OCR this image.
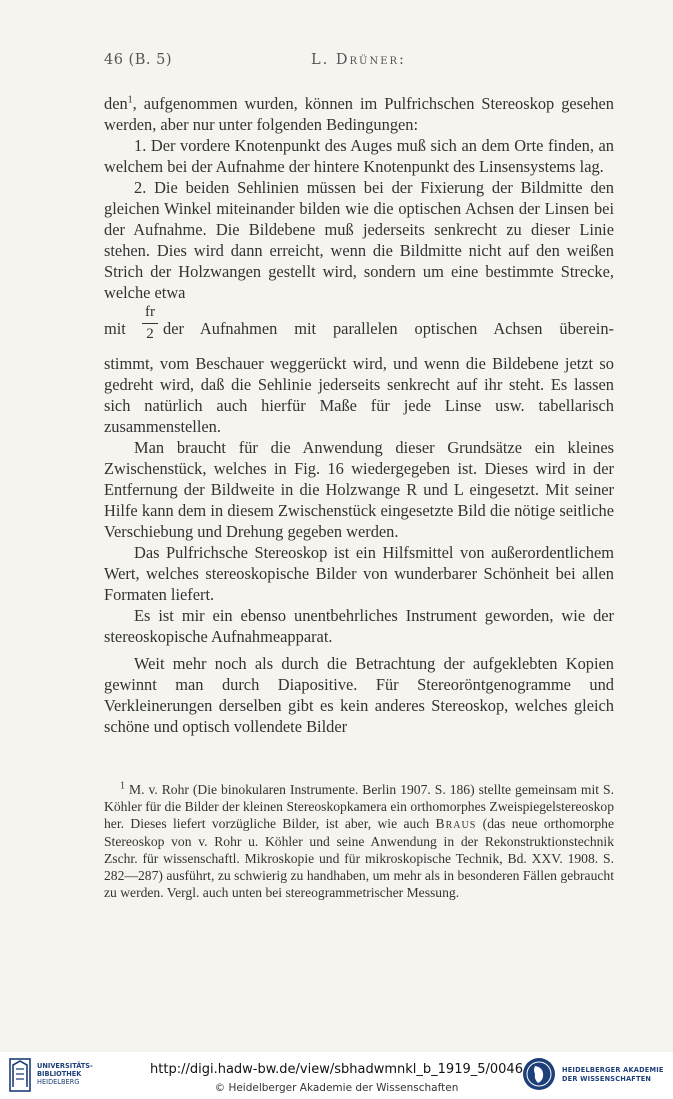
46 (B. 5)	L. Drüner:

den$^1$, aufgenommen wurden, können im Pulfrichschen Stereoskop gesehen werden, aber nur unter folgenden Bedingungen:

1. Der vordere Knotenpunkt des Auges muß sich an dem Orte finden, an welchem bei der Aufnahme der hintere Knotenpunkt des Linsensystems lag.

2. Die beiden Sehlinien müssen bei der Fixierung der Bildmitte den gleichen Winkel miteinander bilden wie die optischen Achsen der Linsen bei der Aufnahme. Die Bildebene muß jederseits senkrecht zu dieser Linie stehen. Dies wird dann erreicht, wenn die Bildmitte nicht auf den weißen Strich der Holzwangen gestellt wird, sondern um eine bestimmte Strecke, welche etwa

mit
fr
2 der Aufnahmen mit parallelen optischen Achsen überein-

stimmt, vom Beschauer weggerückt wird, und wenn die Bildebene jetzt so gedreht wird, daß die Sehlinie jederseits senkrecht auf ihr steht. Es lassen sich natürlich auch hierfür Maße für jede Linse usw. tabellarisch zusammenstellen.

Man braucht für die Anwendung dieser Grundsätze ein kleines Zwischenstück, welches in Fig. 16 wiedergegeben ist. Dieses wird in der Entfernung der Bildweite in die Holzwange R und L eingesetzt. Mit seiner Hilfe kann dem in diesem Zwischenstück eingesetzte Bild die nötige seitliche Verschiebung und Drehung gegeben werden.

Das Pulfrichsche Stereoskop ist ein Hilfsmittel von außerordentlichem Wert, welches stereoskopische Bilder von wunderbarer Schönheit bei allen Formaten liefert.

Es ist mir ein ebenso unentbehrliches Instrument geworden, wie der stereoskopische Aufnahmeapparat.

Weit mehr noch als durch die Betrachtung der aufgeklebten Kopien gewinnt man durch Diapositive. Für Stereoröntgenogramme und Verkleinerungen derselben gibt es kein anderes Stereoskop, welches gleich schöne und optisch vollendete Bilder

$^1$ M. v. Rohr (Die binokularen Instrumente. Berlin 1907. S. 186) stellte gemeinsam mit S. Köhler für die Bilder der kleinen Stereoskopkamera ein orthomorphes Zweispiegelstereoskop her. Dieses liefert vorzügliche Bilder, ist aber, wie auch Braus (das neue orthomorphe Stereoskop von v. Rohr u. Köhler und seine Anwendung in der Rekonstruktionstechnik Zschr. für wissenschaftl. Mikroskopie und für mikroskopische Technik, Bd. XXV. 1908. S. 282—287) ausführt, zu schwierig zu handhaben, um mehr als in besonderen Fällen gebraucht zu werden. Vergl. auch unten bei stereogrammetrischer Messung.

UNIVERSITÄTS-
BIBLIOTHEK
HEIDELBERG
http://digi.hadw-bw.de/view/sbhadwmnkl_b_1919_5/0046
© Heidelberger Akademie der Wissenschaften
HEIDELBERGER AKADEMIE
DER WISSENSCHAFTEN
